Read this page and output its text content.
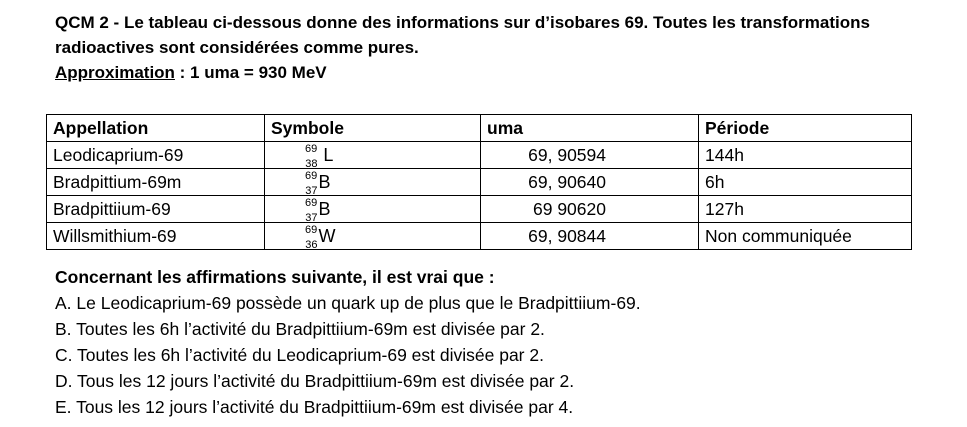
QCM 2 - Le tableau ci-dessous donne des informations sur d’isobares 69. Toutes les transformations
radioactives sont considérées comme pures.
Approximation : 1 uma = 930 MeV
Appellation	Symbole	uma	Période
Leodicaprium-69	$^{69}_{38}$ L	69, 90594	144h
Bradpittium-69m	$^{69}_{37}$B	69, 90640	6h
Bradpittiium-69	$^{69}_{37}$B	69 90620	127h
Willsmithium-69	$^{69}_{36}$W	69, 90844	Non communiquée
Concernant les affirmations suivante, il est vrai que :
A. Le Leodicaprium-69 possède un quark up de plus que le Bradpittiium-69.
B. Toutes les 6h l’activité du Bradpittiium-69m est divisée par 2.
C. Toutes les 6h l’activité du Leodicaprium-69 est divisée par 2.
D. Tous les 12 jours l’activité du Bradpittiium-69m est divisée par 2.
E. Tous les 12 jours l’activité du Bradpittiium-69m est divisée par 4.
